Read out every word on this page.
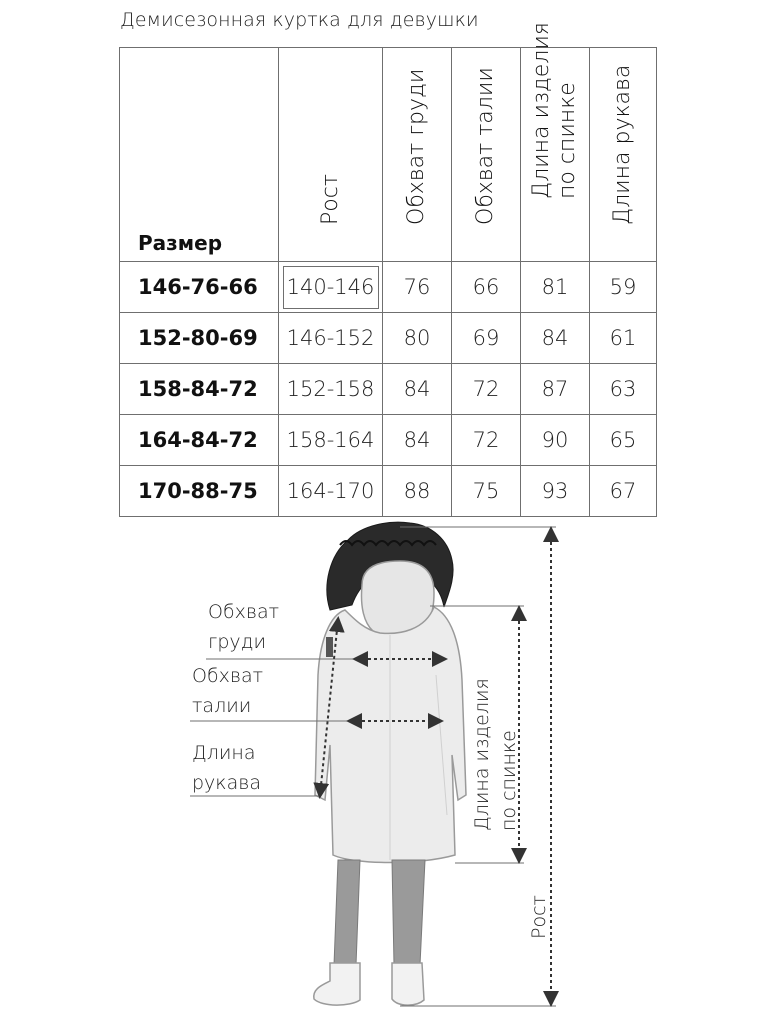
Демисезонная куртка для девушки
Размер	Рост	Обхват груди	Обхват талии	Длина изделия по спинке	Длина рукава

146-76-66	140-146	76	66	81	59
152-80-69	146-152	80	69	84	61
158-84-72	152-158	84	72	87	63
164-84-72	158-164	84	72	90	65
170-88-75	164-170	88	75	93	67
Обхват
груди
Обхват
талии
Длина
рукава	Длина изделия по спинке
Рост
